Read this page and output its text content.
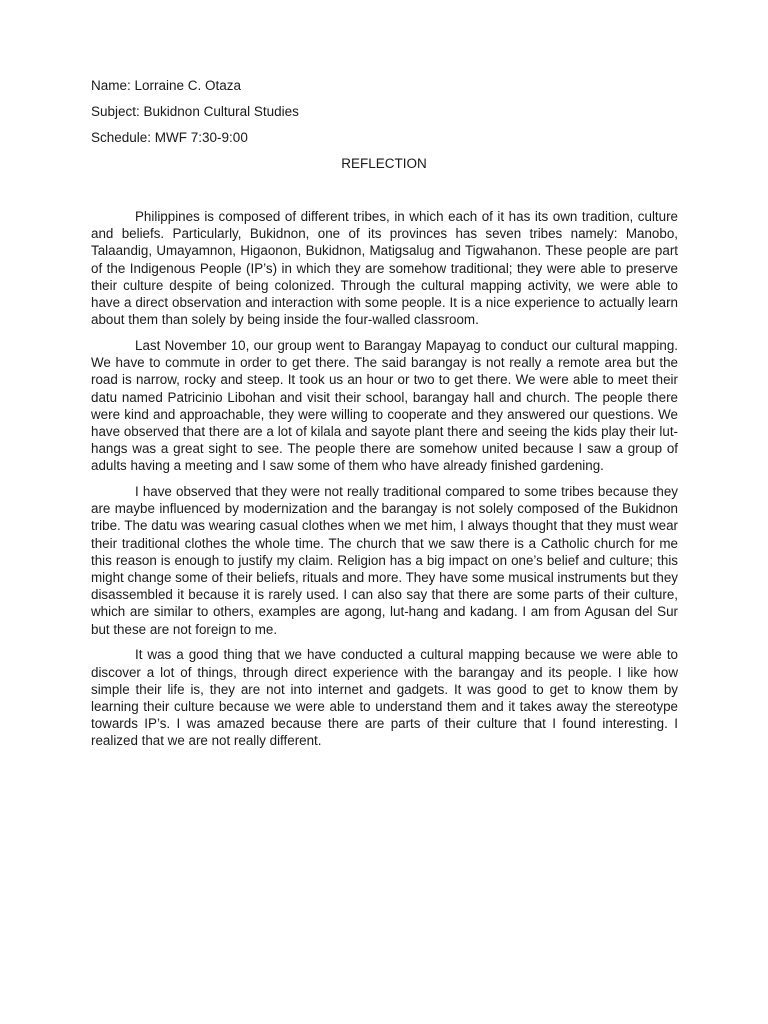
Name: Lorraine C. Otaza
Subject: Bukidnon Cultural Studies
Schedule: MWF 7:30-9:00
REFLECTION

Philippines is composed of different tribes, in which each of it has its own tradition, culture and beliefs. Particularly, Bukidnon, one of its provinces has seven tribes namely: Manobo, Talaandig, Umayamnon, Higaonon, Bukidnon, Matigsalug and Tigwahanon. These people are part of the Indigenous People (IP’s) in which they are somehow traditional; they were able to preserve their culture despite of being colonized. Through the cultural mapping activity, we were able to have a direct observation and interaction with some people. It is a nice experience to actually learn about them than solely by being inside the four-walled classroom.

Last November 10, our group went to Barangay Mapayag to conduct our cultural mapping. We have to commute in order to get there. The said barangay is not really a remote area but the road is narrow, rocky and steep. It took us an hour or two to get there. We were able to meet their datu named Patricinio Libohan and visit their school, barangay hall and church. The people there were kind and approachable, they were willing to cooperate and they answered our questions. We have observed that there are a lot of kilala and sayote plant there and seeing the kids play their lut-hangs was a great sight to see. The people there are somehow united because I saw a group of adults having a meeting and I saw some of them who have already finished gardening.

I have observed that they were not really traditional compared to some tribes because they are maybe influenced by modernization and the barangay is not solely composed of the Bukidnon tribe. The datu was wearing casual clothes when we met him, I always thought that they must wear their traditional clothes the whole time. The church that we saw there is a Catholic church for me this reason is enough to justify my claim. Religion has a big impact on one’s belief and culture; this might change some of their beliefs, rituals and more. They have some musical instruments but they disassembled it because it is rarely used. I can also say that there are some parts of their culture, which are similar to others, examples are agong, lut-hang and kadang. I am from Agusan del Sur but these are not foreign to me.

It was a good thing that we have conducted a cultural mapping because we were able to discover a lot of things, through direct experience with the barangay and its people. I like how simple their life is, they are not into internet and gadgets. It was good to get to know them by learning their culture because we were able to understand them and it takes away the stereotype towards IP’s. I was amazed because there are parts of their culture that I found interesting. I realized that we are not really different.
